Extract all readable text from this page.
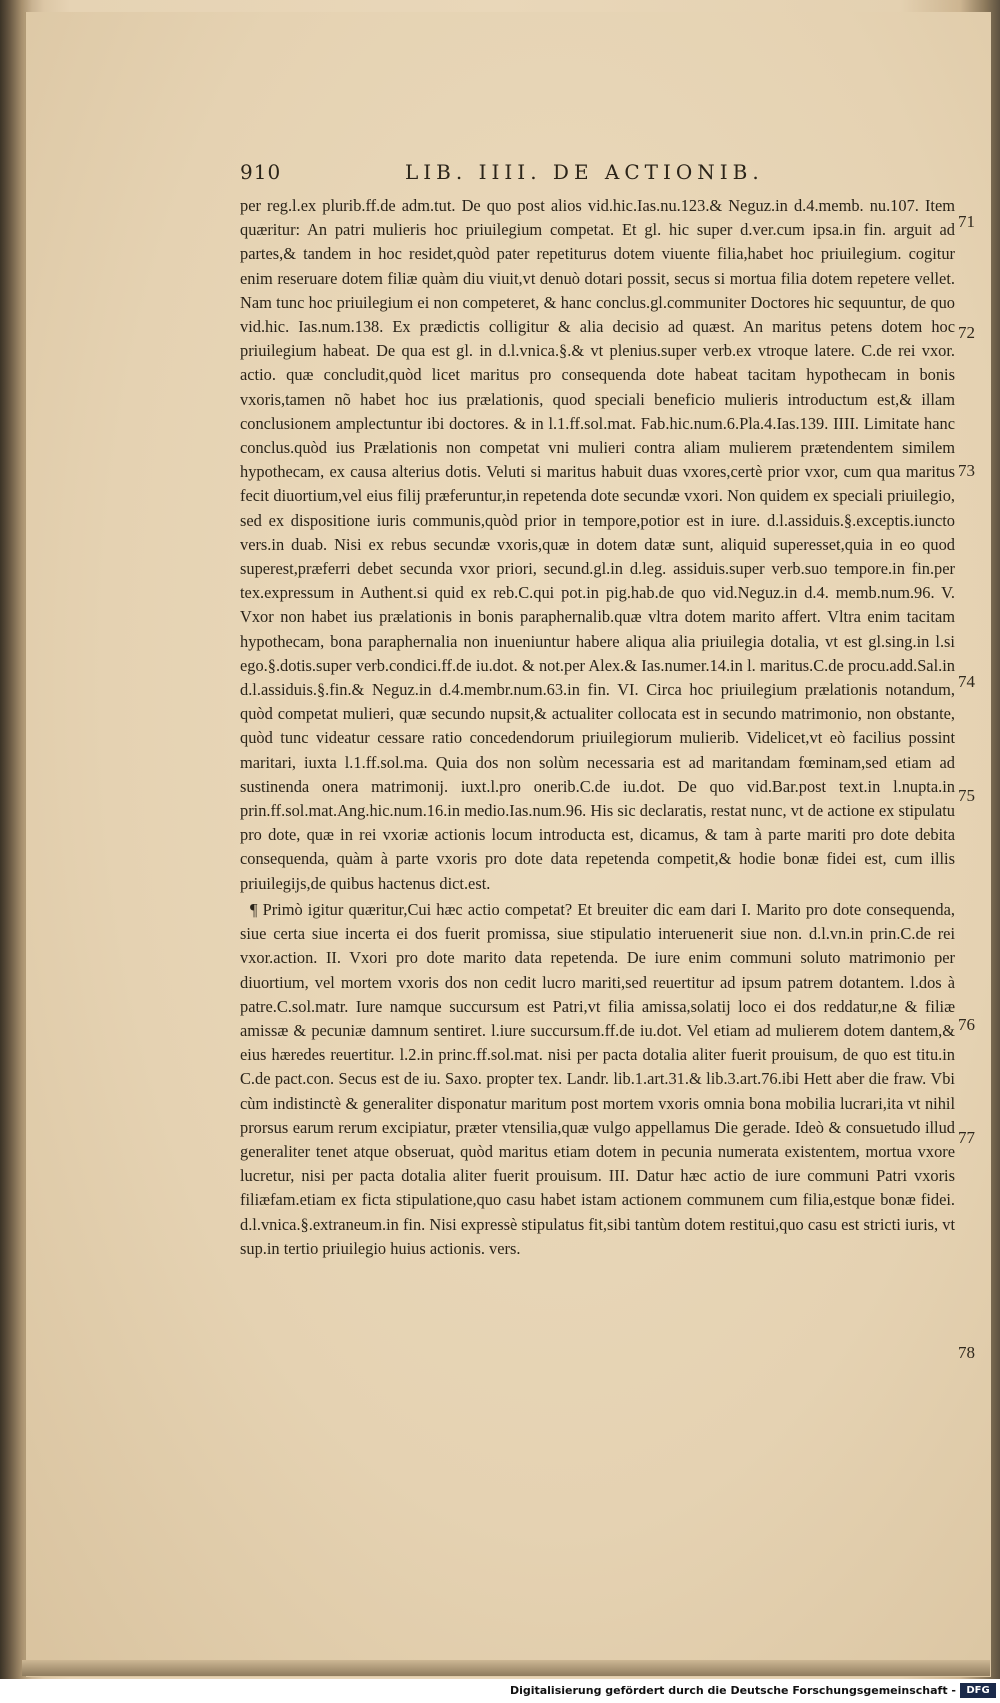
910	LIB. IIII. DE ACTIONIB.

per reg.l.ex plurib.ff.de adm.tut. De quo post alios vid.hic.Ias.nu.123.& Neguz.in d.4.memb. nu.107. Item quæritur: An patri mulieris hoc priuilegium competat. Et gl. hic super d.ver.cum ipsa.in fin. arguit ad partes,& tandem in hoc residet,quòd pater repetiturus dotem viuente filia,habet hoc priuilegium. cogitur enim reseruare dotem filiæ quàm diu viuit,vt denuò dotari possit, secus si mortua filia dotem repetere vellet. Nam tunc hoc priuilegium ei non competeret, & hanc conclus.gl.communiter Doctores hic sequuntur, de quo vid.hic. Ias.num.138. Ex prædictis colligitur & alia decisio ad quæst. An maritus petens dotem hoc priuilegium habeat. De qua est gl. in d.l.vnica.§.& vt plenius.super verb.ex vtroque latere. C.de rei vxor. actio. quæ concludit,quòd licet maritus pro consequenda dote habeat tacitam hypothecam in bonis vxoris,tamen nõ habet hoc ius prælationis, quod speciali beneficio mulieris introductum est,& illam conclusionem amplectuntur ibi doctores. & in l.1.ff.sol.mat. Fab.hic.num.6.Pla.4.Ias.139. IIII. Limitate hanc conclus.quòd ius Prælationis non competat vni mulieri contra aliam mulierem prætendentem similem hypothecam, ex causa alterius dotis. Veluti si maritus habuit duas vxores,certè prior vxor, cum qua maritus fecit diuortium,vel eius filij præferuntur,in repetenda dote secundæ vxori. Non quidem ex speciali priuilegio, sed ex dispositione iuris communis,quòd prior in tempore,potior est in iure. d.l.assiduis.§.exceptis.iuncto vers.in duab. Nisi ex rebus secundæ vxoris,quæ in dotem datæ sunt, aliquid superesset,quia in eo quod superest,præferri debet secunda vxor priori, secund.gl.in d.leg. assiduis.super verb.suo tempore.in fin.per tex.expressum in Authent.si quid ex reb.C.qui pot.in pig.hab.de quo vid.Neguz.in d.4. memb.num.96. V. Vxor non habet ius prælationis in bonis paraphernalib.quæ vltra dotem marito affert. Vltra enim tacitam hypothecam, bona paraphernalia non inueniuntur habere aliqua alia priuilegia dotalia, vt est gl.sing.in l.si ego.§.dotis.super verb.condici.ff.de iu.dot. & not.per Alex.& Ias.numer.14.in l. maritus.C.de procu.add.Sal.in d.l.assiduis.§.fin.& Neguz.in d.4.membr.num.63.in fin. VI. Circa hoc priuilegium prælationis notandum, quòd competat mulieri, quæ secundo nupsit,& actualiter collocata est in secundo matrimonio, non obstante, quòd tunc videatur cessare ratio concedendorum priuilegiorum mulierib. Videlicet,vt eò facilius possint maritari, iuxta l.1.ff.sol.ma. Quia dos non solùm necessaria est ad maritandam fœminam,sed etiam ad sustinenda onera matrimonij. iuxt.l.pro onerib.C.de iu.dot. De quo vid.Bar.post text.in l.nupta.in prin.ff.sol.mat.Ang.hic.num.16.in medio.Ias.num.96. His sic declaratis, restat nunc, vt de actione ex stipulatu pro dote, quæ in rei vxoriæ actionis locum introducta est, dicamus, & tam à parte mariti pro dote debita consequenda, quàm à parte vxoris pro dote data repetenda competit,& hodie bonæ fidei est, cum illis priuilegijs,de quibus hactenus dict.est.

¶ Primò igitur quæritur,Cui hæc actio competat? Et breuiter dic eam dari I. Marito pro dote consequenda, siue certa siue incerta ei dos fuerit promissa, siue stipulatio interuenerit siue non. d.l.vn.in prin.C.de rei vxor.action. II. Vxori pro dote marito data repetenda. De iure enim communi soluto matrimonio per diuortium, vel mortem vxoris dos non cedit lucro mariti,sed reuertitur ad ipsum patrem dotantem. l.dos à patre.C.sol.matr. Iure namque succursum est Patri,vt filia amissa,solatij loco ei dos reddatur,ne & filiæ amissæ & pecuniæ damnum sentiret. l.iure succursum.ff.de iu.dot. Vel etiam ad mulierem dotem dantem,& eius hæredes reuertitur. l.2.in princ.ff.sol.mat. nisi per pacta dotalia aliter fuerit prouisum, de quo est titu.in C.de pact.con. Secus est de iu. Saxo. propter tex. Landr. lib.1.art.31.& lib.3.art.76.ibi Hett aber die fraw. Vbi cùm indistinctè & generaliter disponatur maritum post mortem vxoris omnia bona mobilia lucrari,ita vt nihil prorsus earum rerum excipiatur, præter vtensilia,quæ vulgo appellamus Die gerade. Ideò & consuetudo illud generaliter tenet atque obseruat, quòd maritus etiam dotem in pecunia numerata existentem, mortua vxore lucretur, nisi per pacta dotalia aliter fuerit prouisum. III. Datur hæc actio de iure communi Patri vxoris filiæfam.etiam ex ficta stipulatione,quo casu habet istam actionem communem cum filia,estque bonæ fidei. d.l.vnica.§.extraneum.in fin. Nisi expressè stipulatus fit,sibi tantùm dotem restitui,quo casu est stricti iuris, vt sup.in tertio priuilegio huius actionis. vers.

71
72
73
74
75
76
77
78
Digitalisierung gefördert durch die Deutsche Forschungsgemeinschaft -	DFG
